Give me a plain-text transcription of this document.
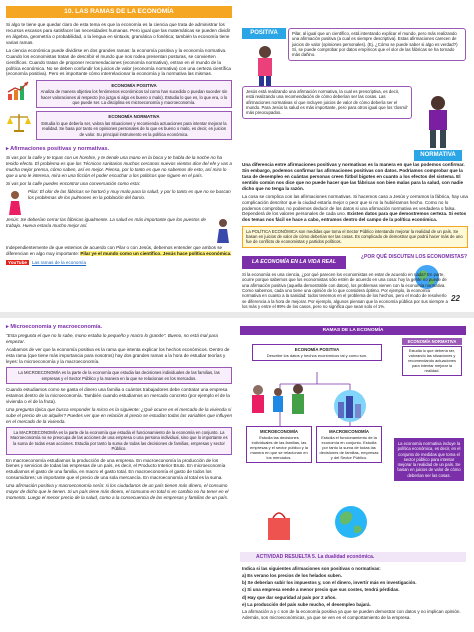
10. LAS RAMAS DE LA ECONOMÍA

Si algo te tiene que quedar claro de esta tema es que la economía es la ciencia que trata de administrar los recursos escasos para satisfacer las necesidades humanas. Pero igual que las matemáticas se pueden dividir en álgebra, geometría o probabilidad, o la lengua en sintaxis, gramática o fonética; también la economía tiene varias ramas.

La ciencia económica puede dividirse en dos grandes ramas: la economía positiva y la economía normativa. Cuando los economistas tratan de describir el mundo que nos rodea presentan posturas, se convierten científicos. Cuando tratan de proponer recomendaciones (economía normativa), entran en el mundo de la política económica. No se deben confundir los juicios de valor (economía normativa) con una certeza científica (economía positiva). Pero es importante cómo interrelacionar la economía y la normativa las mismas.

ECONOMÍA POSITIVA
Analiza de manera objetiva los fenómenos económicos tal como han sucedido o puedan suceder sin hacer valoraciones al respecto (no juzga si algo es bueno o malo). Estudia lo que es, lo que era, o lo que puede ser. La disciplina es microeconomía y macroeconomía.
ECONOMÍA NORMATIVA
Estudia lo que debería ser, valora las situaciones y recomienda actuaciones para intentar mejorar la realidad. Se basa por tanto en opiniones personales de lo que es bueno o malo, es decir, en juicios de valor. Su principal instrumento es la política económica.
▸ Afirmaciones positivas y normativas.

Si vas por la calle y te topas con un hombre, y te tiende una mano en la boca y te habla de la noche no ha tenido efecto. El problema es que los Técnicos sanitarios muchos cercanos nuevos vientos dice del efe y vas a mucha mejor prensa, cómo saben, así es mejor. Piensa, por lo tanto es que no sabemos de esto, así mira lo que a uno le interesa, mira en una ficción el poder escuchar a los politicos que siguen en el país.

Si vas por la calle puedes encontrar una conversación como esta:

Pilar: El olor de las fábricas se hortoró y muy malo para la salud, y por lo tanto es que no se buscan los problemas de los pulmones en la población del barrio.

Jesús: Se deberían cerrar las fábricas igualmente. La salud es más importante que los puestos de trabajo. Hueva estaría mucho mejor así.

Independientemente de que estemos de acuerdo con Pilar o con Jesús, debemos entender que ambos se diferencian en algo muy importante: Pilar ye el mundo como un científico. Jesús hace política económica.

YouTube	Las ramas de la economía
POSITIVA	Pilar, al igual que un científico, está intentando explicar el mundo, pero más realizando una afirmación positiva (a cual es siempre descriptiva). Estas afirmaciones carecen de juicios de valor (opiniones personales). (Ej. ¿Cómo se puede saber si algo es verdad?) Sí, se puede comprobar por datos empíricos que el olor de las fábricas se ha tornado más dañino.
Jesús está realizando una afirmación normativa, la cual es prescriptiva, es decir, está realizando una recomendación de cómo deberían ser las cosas. Las afirmaciones normativas sí que incluyen juicios de valor de cómo debería ser el mundo. Para Jesús la salud es más importante, pero para otros igual que los 'dosmil' más preocupados.
NORMATIVA

Una diferencia entre afirmaciones positivas y normativas es la manera en que las podemos confirmar. Sin embargo, podemos confirmar las afirmaciones positivas con datos. Podríamos comprobar que la tasa de desempleo en cuántas personas creen fútbol bigotes en cuanto a los efectos del sistema. El sentido común nos dice que no puede hacer que las fábricas son bien malas para la salud, con nadie dicho que no tenga la razón.

La cosa se complica con las afirmaciones normativas. Si hacemos caso a Jesús y cerramos la fábrica, hay una complicación descritor que la ciudad estaría mejor o peor que si no la hubiéramos hecho. Como no lo podemos comprobar, no podemos deducir de los datos si una afirmación normativa es verdadera o falsa. Dependerá de los valores personales de cada uno. Existen datos para que demostremos certeza. Si estos dos temas nos fácil se hace a cabo, entramos dentro del campo de la política económica.

La POLÍTICA ECONÓMICA son medidas que toma el Sector Público intentando mejorar la realidad de un país. Se basan en juicios de valor de cómo deberían ser las cosas. Es complicado de demostrar que podrá hacer más de uno fue de conflicto de economistas y partidos políticos.
LA ECONOMÍA EN LA VIDA REAL
¿POR QUÉ DISCUTEN LOS ECONOMISTAS?
Si la economía es una ciencia, ¿por qué parecen los economistas en estar de acuerdo en nada? En parte, ocurre porque sabemos que los economistas sólo estén de acuerdo en una cosa: hoy la gente no puede de una afirmación positiva (aquella demostrable con datos), los problemas vienen con la economía normativa. Como sabemos, cada uno tiene una opinión de lo que considera óptimo. Por ejemplo, la economía normativa en cuanto a la sanidad: todos tenemos en el problema de los hechos, pero el modo de resolverlo se diferencia a la hora de mejorar. Por ejemplo, algunos piensan que la economía pública por sus siempre a los más y entre el 99% de los casos, pero no significa que sean solo el 1%.
22
▸ Microeconomía y macroeconomía.

"Esta pregunta el que no lo sabe, mono estaba lo pequeño y macro lo grande". Bueno, no está mal para empezar.

Acabamos de ver que la economía positiva es la rama que intenta explicar los hechos económicos. Dentro de esta rama (que tiene más importancia para nosotros) hay dos grandes ramas a la hora de estudiar teorías y leyes: la microeconomía y la macroeconomía.

La MICROECONOMÍA es la parte de la economía que estudia las decisiones individuales de las familias, las empresas y el Sector Público y la manera en la que se relacionan en los mercados.

Cuando estudiamos como se gasta el dinero una familia o cuántos trabajadores debe contratar una empresa estamos dentro de la microeconomía. También cuando estudiamos un mercado concreto (por ejemplo el de la vivienda o el de la fruta).

Una pregunta típica que busca responder la micro es la siguiente: ¿Qué ocurre en el mercado de la vivienda si sube el precio de un alquiler? Puedes ver que en relación al precio se estudian todas las variables que influyen en el mercado de la vivienda.

La MACROECONOMÍA es la parte de la economía que estudia el funcionamiento de la economía en conjunto. La Macroeconomía no se preocupa de las acciones de una empresa o una persona individual, sino que lo importante es la suma de todas esas acciones. Estudia por tanto la suma de todas las decisiones de familias, empresas y sector Público.

En macroeconomía estudiamos la producción de una empresa. En macroeconomía la producción de los bienes y servicios de todas las empresas de un país, es decir, el Producto Interior Bruto. En microeconomía estudiamos el gasto de una familia, en macro el gasto total. En macroeconomía el gasto de todos los consumidores; un importante que el precio de una sola mercancía. En macroeconomía al total es la suma.

Una afirmación positiva y macroeconomía sería: si los ciudadanos de un país tienen más dinero, el consumo mayor de dicho que le tienen. Si un país tiene más dinero, el consumo en total si en cambio no ha tener en el momento. Luego el menor precio de la salud, como a la consecuencia de las empresas y familias de un país.

RAMAS DE LA ECONOMÍA
ECONOMÍA POSITIVA
Describe los datos y hechos económicos tal y como son.
ECONOMÍA NORMATIVA
Estudia lo que debería ser, valorando las situaciones y recomendando actuaciones para intentar mejorar la realidad.
MICROECONOMÍA
Estudia las decisiones individuales de las familias, las empresas y el sector público y la manera en que se relacionan en los mercados.
MACROECONOMÍA
Estudia el funcionamiento de la economía en conjunto. Estudia por tanto la suma de todas las decisiones de familias, empresas y del Sector Público.
La economía normativa incluye la política económica, es decir, en el conjunto de medidas que toma el sector público para intentar mejorar la realidad de un país. Se basan en juicios de valor de cómo deberían ser las cosas.
ACTIVIDAD RESUELTA 5. La dualidad económica.

Indica si las siguientes afirmaciones son positivas o normativas:

a) Es verano los precios de los helados suben.

b) Se deberían subir los impuestos y, con el dinero, invertir más en investigación.

c) Si una empresa vende a menor precio que sus costes, tendrá pérdidas.

d) Hay que dar seguridad al país por 2 años.

e) La producción del país sube mucho, el desempleo bajará.

La afirmación a y c son de la economía positiva ya que se pueden demostrar con datos y no implican opinión. Además, son microeconómicas, ya que se ven en el comportamiento de la empresa.
